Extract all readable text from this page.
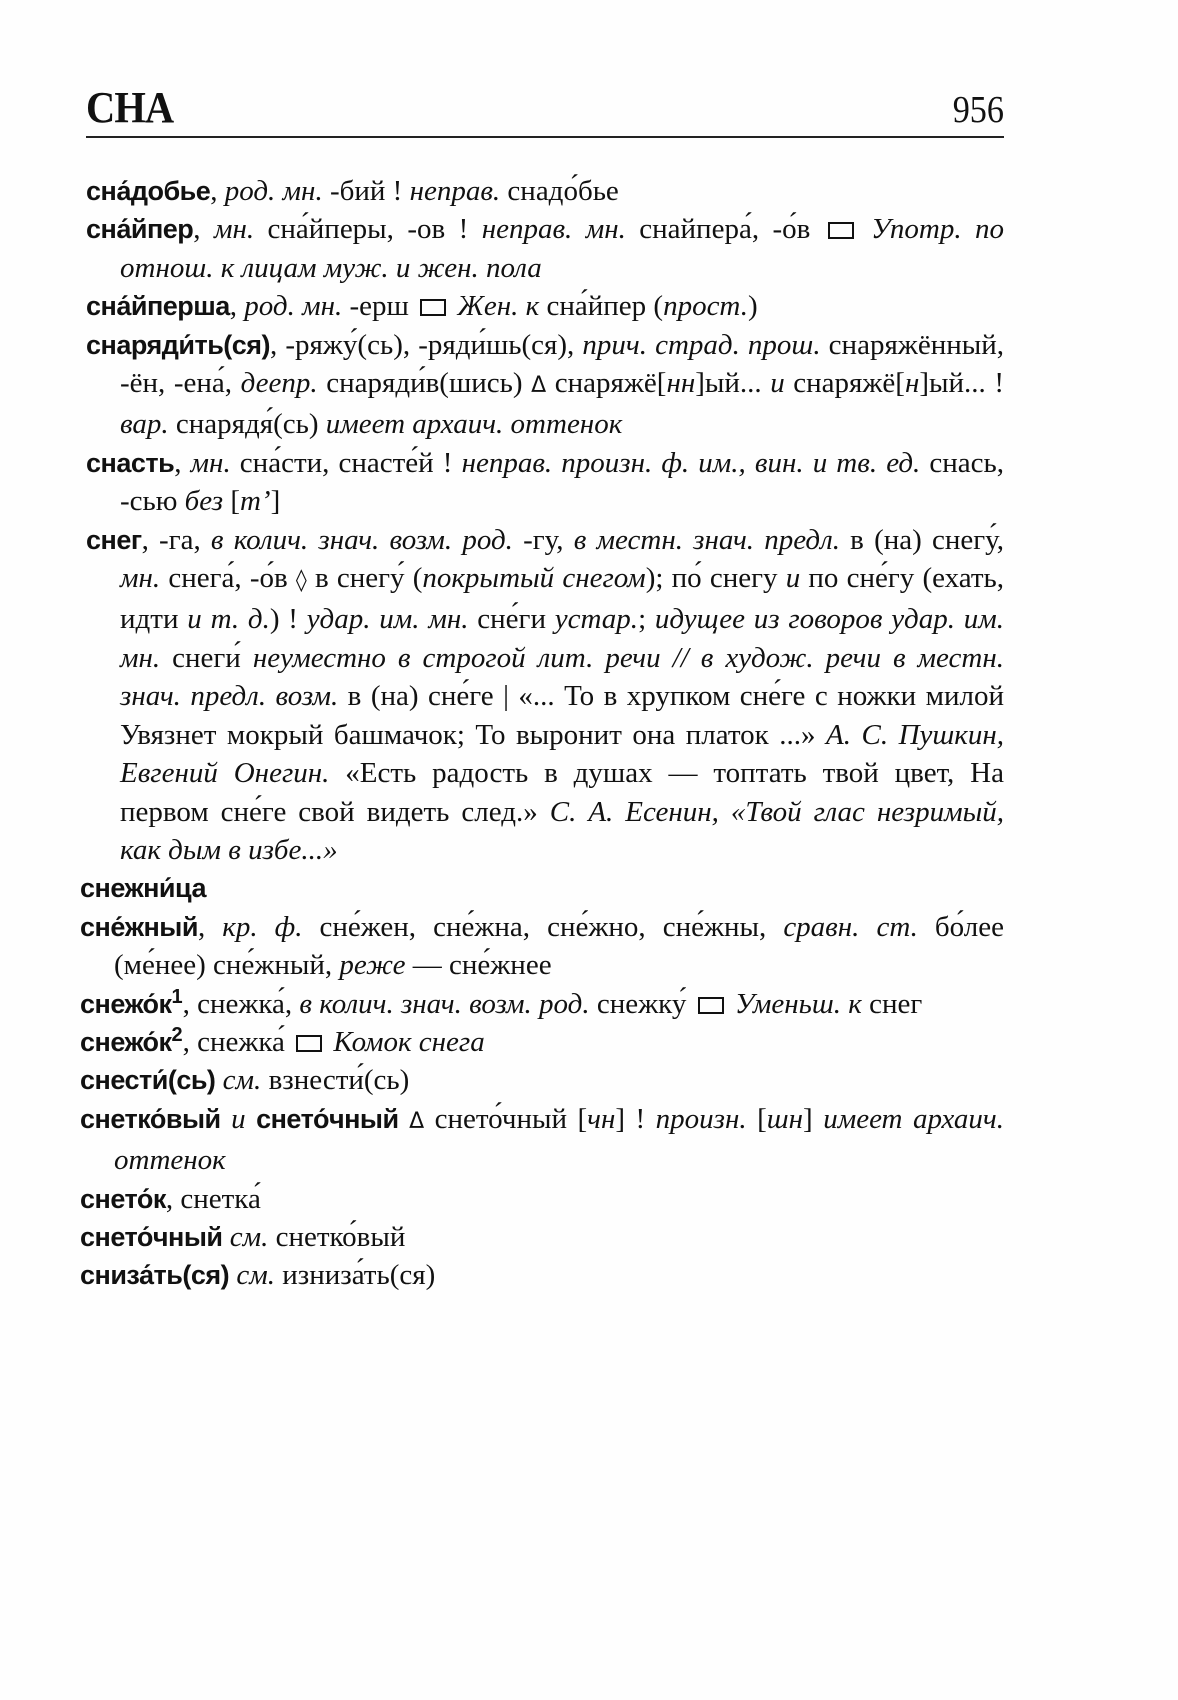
СНА	956

сна́добье, род. мн. -бий ! неправ. снадо́бье

сна́йпер, мн. сна́йперы, -ов ! неправ. мн. снайпера́, -о́в  Употр. по отнош. к лицам муж. и жен. пола

сна́йперша, род. мн. -ерш  Жен. к сна́йпер (прост.)

снаряди́ть(ся), -ряжу́(сь), -ряди́шь(ся), прич. страд. прош. снаряжённый, -ён, -ена́, деепр. снаряди́в(шись) Δ снаряжё[нн]ый... и снаряжё[н]ый... ! вар. снарядя́(сь) имеет архаич. оттенок

снасть, мн. сна́сти, снасте́й ! неправ. произн. ф. им., вин. и тв. ед. снась, -сью без [тʼ]

снег, -га, в колич. знач. возм. род. -гу, в местн. знач. предл. в (на) снегу́, мн. снега́, -о́в ◊ в снегу́ (покрытый снегом); по́ снегу и по сне́гу (ехать, идти и т. д.) ! удар. им. мн. сне́ги устар.; идущее из говоров удар. им. мн. снеги́ неуместно в строгой лит. речи // в худож. речи в местн. знач. предл. возм. в (на) сне́ге | «... То в хрупком сне́ге с ножки милой Увязнет мокрый башмачок; То выронит она платок ...» А. С. Пушкин, Евгений Онегин. «Есть радость в душах — топтать твой цвет, На первом сне́ге свой видеть след.» С. А. Есенин, «Твой глас незримый, как дым в избе...»

снежни́ца

сне́жный, кр. ф. сне́жен, сне́жна, сне́жно, сне́жны, сравн. ст. бо́лее (ме́нее) сне́жный, реже — сне́жнее

$снежо́к^1$, снежка́, в колич. знач. возм. род. снежку́  Уменьш. к снег

$снежо́к^2$, снежка́  Комок снега

снести́(сь) см. взнести́(сь)

снетко́вый и снето́чный Δ снето́чный [чн] ! произн. [шн] имеет архаич. оттенок

снето́к, снетка́

снето́чный см. снетко́вый

сниза́ть(ся) см. изниза́ть(ся)
